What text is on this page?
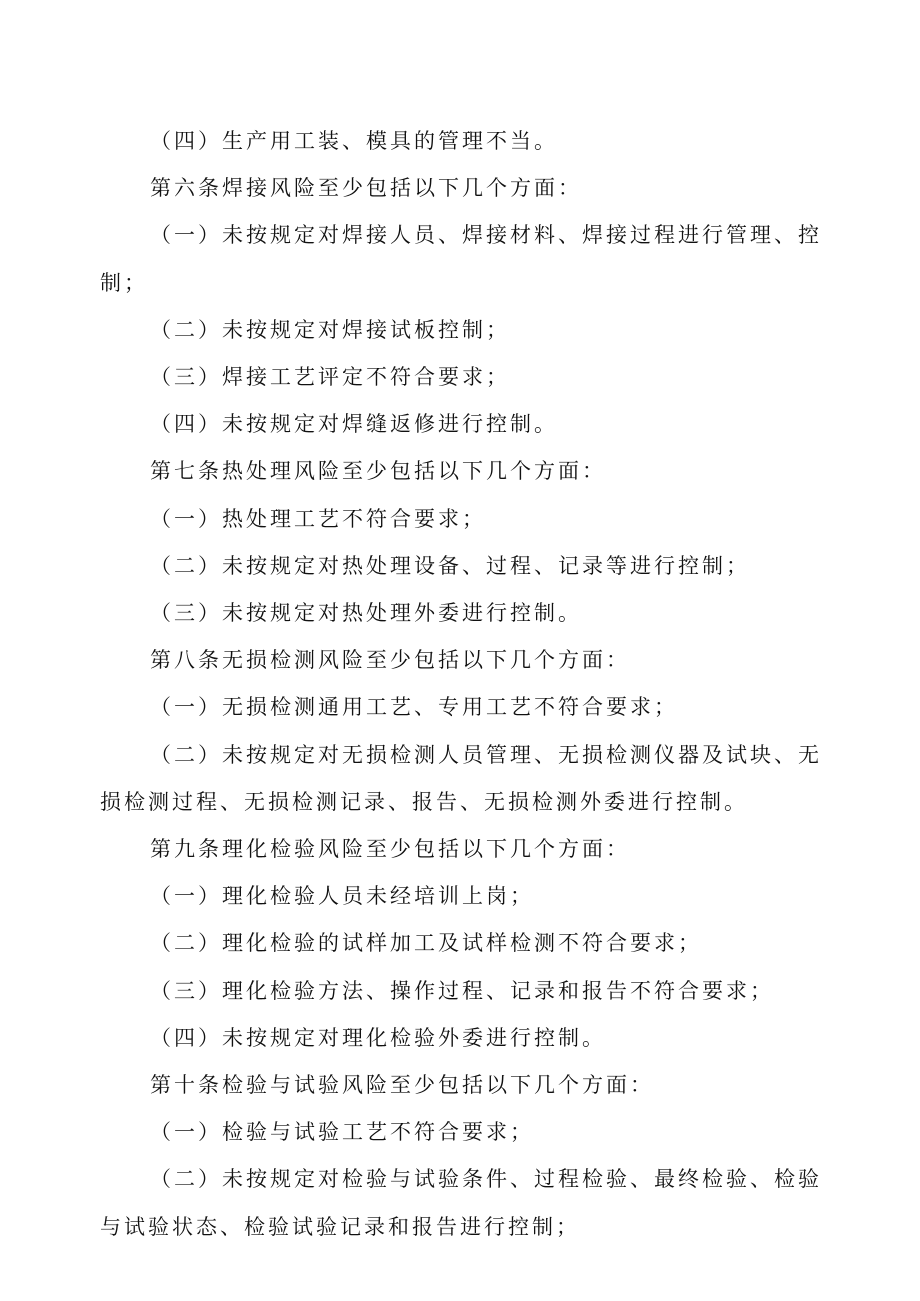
（四）生产用工装、模具的管理不当。

第六条焊接风险至少包括以下几个方面：

（一）未按规定对焊接人员、焊接材料、焊接过程进行管理、控制；

（二）未按规定对焊接试板控制；

（三）焊接工艺评定不符合要求；

（四）未按规定对焊缝返修进行控制。

第七条热处理风险至少包括以下几个方面：

（一）热处理工艺不符合要求；

（二）未按规定对热处理设备、过程、记录等进行控制；

（三）未按规定对热处理外委进行控制。

第八条无损检测风险至少包括以下几个方面：

（一）无损检测通用工艺、专用工艺不符合要求；

（二）未按规定对无损检测人员管理、无损检测仪器及试块、无损检测过程、无损检测记录、报告、无损检测外委进行控制。

第九条理化检验风险至少包括以下几个方面：

（一）理化检验人员未经培训上岗；

（二）理化检验的试样加工及试样检测不符合要求；

（三）理化检验方法、操作过程、记录和报告不符合要求；

（四）未按规定对理化检验外委进行控制。

第十条检验与试验风险至少包括以下几个方面：

（一）检验与试验工艺不符合要求；

（二）未按规定对检验与试验条件、过程检验、最终检验、检验与试验状态、检验试验记录和报告进行控制；
